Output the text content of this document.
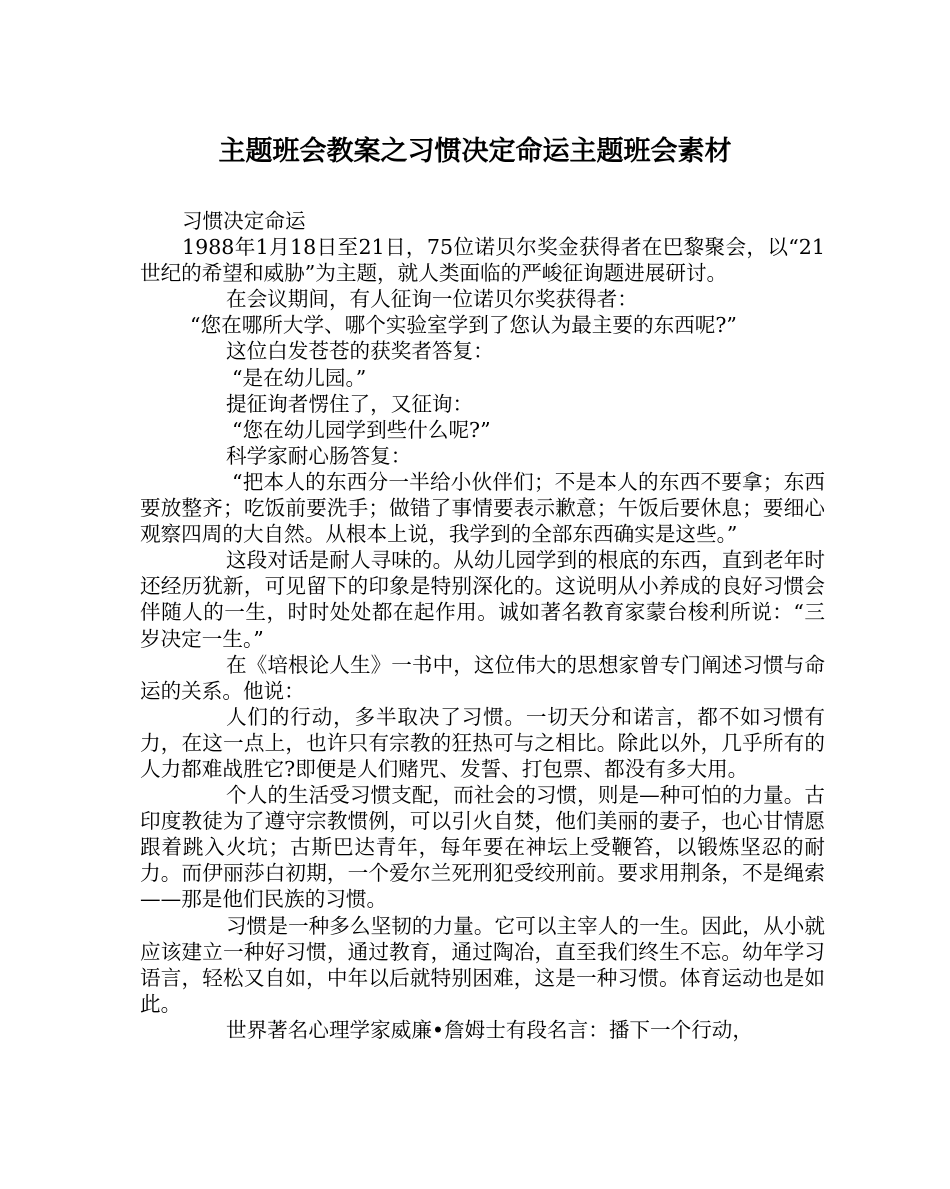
主题班会教案之习惯决定命运主题班会素材

习惯决定命运

1988年1月18日至21日，75位诺贝尔奖金获得者在巴黎聚会，以“21世纪的希望和威胁”为主题，就人类面临的严峻征询题进展研讨。

在会议期间，有人征询一位诺贝尔奖获得者：

“您在哪所大学、哪个实验室学到了您认为最主要的东西呢?”

这位白发苍苍的获奖者答复：

“是在幼儿园。”

提征询者愣住了，又征询：

“您在幼儿园学到些什么呢?”

科学家耐心肠答复：

“把本人的东西分一半给小伙伴们；不是本人的东西不要拿；东西要放整齐；吃饭前要洗手；做错了事情要表示歉意；午饭后要休息；要细心观察四周的大自然。从根本上说，我学到的全部东西确实是这些。”

这段对话是耐人寻味的。从幼儿园学到的根底的东西，直到老年时还经历犹新，可见留下的印象是特别深化的。这说明从小养成的良好习惯会伴随人的一生，时时处处都在起作用。诚如著名教育家蒙台梭利所说：“三岁决定一生。”

在《培根论人生》一书中，这位伟大的思想家曾专门阐述习惯与命运的关系。他说：

人们的行动，多半取决了习惯。一切天分和诺言，都不如习惯有力，在这一点上，也许只有宗教的狂热可与之相比。除此以外，几乎所有的人力都难战胜它?即便是人们赌咒、发誓、打包票、都没有多大用。

个人的生活受习惯支配，而社会的习惯，则是—种可怕的力量。古印度教徒为了遵守宗教惯例，可以引火自焚，他们美丽的妻子，也心甘情愿跟着跳入火坑；古斯巴达青年，每年要在神坛上受鞭笞，以锻炼坚忍的耐力。而伊丽莎白初期，一个爱尔兰死刑犯受绞刑前。要求用荆条，不是绳索——那是他们民族的习惯。

习惯是一种多么坚韧的力量。它可以主宰人的一生。因此，从小就应该建立一种好习惯，通过教育，通过陶冶，直至我们终生不忘。幼年学习语言，轻松又自如，中年以后就特别困难，这是一种习惯。体育运动也是如此。

世界著名心理学家威廉•詹姆士有段名言：播下一个行动，
